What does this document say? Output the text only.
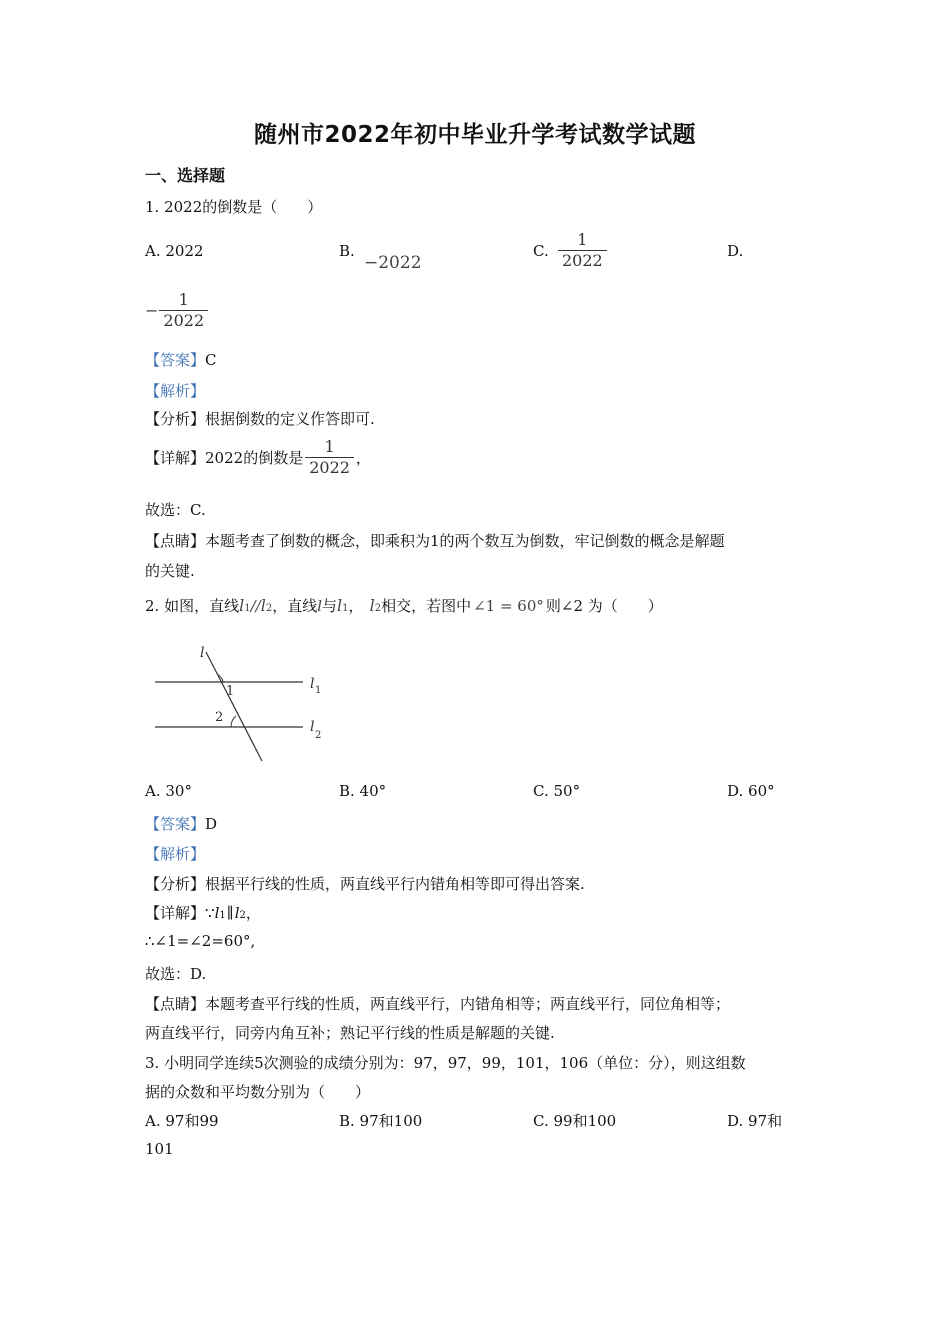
随州市2022年初中毕业升学考试数学试题
一、选择题
1. 2022的倒数是（　　）
A. 2022	B.
−2022
C.
1
2022	D.
− $\frac{1}{2022}$
【答案】C
【解析】
【分析】根据倒数的定义作答即可.
【详解】 2022的倒数是 $\frac{1}{2022}$ ，
故选：C.
【点睛】本题考查了倒数的概念，即乘积为1的两个数互为倒数，牢记倒数的概念是解题
的关键.
2. 如图，直线 $l_1 // l_2$ ，直线 l 与 $l_1$ ， $l_2$ 相交，若图中 ∠1 = 60° 则∠2 为（　　）
l
1
2
l 1
l
2
A. 30°	B. 40°	C. 50°	D. 60°
【答案】D
【解析】
【分析】根据平行线的性质，两直线平行内错角相等即可得出答案.
【详解】 ∵ l 1 ∥ l 2 ，
∴∠1=∠2=60°,
故选：D.
【点睛】本题考查平行线的性质，两直线平行，内错角相等；两直线平行，同位角相等；
两直线平行，同旁内角互补；熟记平行线的性质是解题的关键.
3. 小明同学连续5次测验的成绩分别为：97，97，99，101，106（单位：分），则这组数
据的众数和平均数分别为（　　）
A. 97和99	B. 97和100	C. 99和100	D. 97和
101
